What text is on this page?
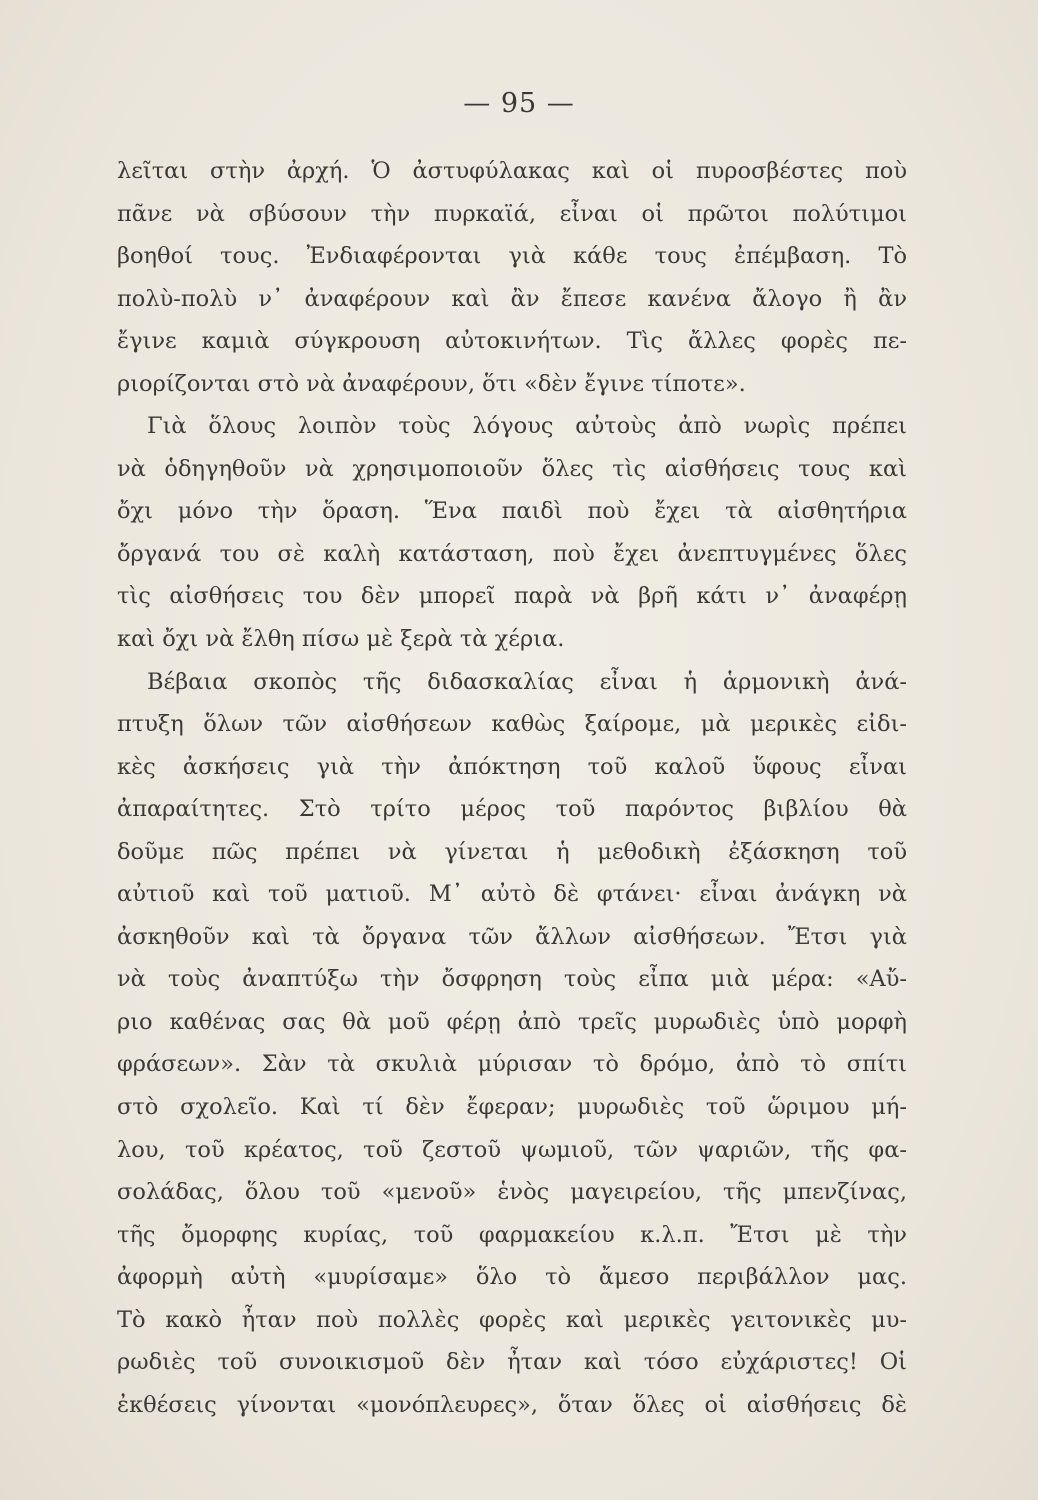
— 95 —
λεῖται στὴν ἀρχή. Ὁ ἀστυφύλακας καὶ οἱ πυροσβέστες ποὺ
πᾶνε νὰ σβύσουν τὴν πυρκαϊά, εἶναι οἱ πρῶτοι πολύτιμοι
βοηθοί τους. Ἐνδιαφέρονται γιὰ κάθε τους ἐπέμβαση. Τὸ
πολὺ-πολὺ ν᾿ ἀναφέρουν καὶ ἂν ἔπεσε κανένα ἄλογο ἢ ἂν
ἔγινε καμιὰ σύγκρουση αὐτοκινήτων. Τὶς ἄλλες φορὲς πε-
ριορίζονται στὸ νὰ ἀναφέρουν, ὅτι «δὲν ἔγινε τίποτε».
Γιὰ ὅλους λοιπὸν τοὺς λόγους αὐτοὺς ἀπὸ νωρὶς πρέπει
νὰ ὁδηγηθοῦν νὰ χρησιμοποιοῦν ὅλες τὶς αἰσθήσεις τους καὶ
ὄχι μόνο τὴν ὅραση. Ἕνα παιδὶ ποὺ ἔχει τὰ αἰσθητήρια
ὄργανά του σὲ καλὴ κατάσταση, ποὺ ἔχει ἀνεπτυγμένες ὅλες
τὶς αἰσθήσεις του δὲν μπορεῖ παρὰ νὰ βρῆ κάτι ν᾿ ἀναφέρῃ
καὶ ὄχι νὰ ἔλθη πίσω μὲ ξερὰ τὰ χέρια.
Βέβαια σκοπὸς τῆς διδασκαλίας εἶναι ἡ ἁρμονικὴ ἀνά-
πτυξη ὅλων τῶν αἰσθήσεων καθὼς ξαίρομε, μὰ μερικὲς εἰδι-
κὲς ἀσκήσεις γιὰ τὴν ἀπόκτηση τοῦ καλοῦ ὕφους εἶναι
ἀπαραίτητες. Στὸ τρίτο μέρος τοῦ παρόντος βιβλίου θὰ
δοῦμε πῶς πρέπει νὰ γίνεται ἡ μεθοδικὴ ἐξάσκηση τοῦ
αὐτιοῦ καὶ τοῦ ματιοῦ. Μ᾿ αὐτὸ δὲ φτάνει· εἶναι ἀνάγκη νὰ
ἀσκηθοῦν καὶ τὰ ὄργανα τῶν ἄλλων αἰσθήσεων. Ἔτσι γιὰ
νὰ τοὺς ἀναπτύξω τὴν ὄσφρηση τοὺς εἶπα μιὰ μέρα: «Αὔ-
ριο καθένας σας θὰ μοῦ φέρῃ ἀπὸ τρεῖς μυρωδιὲς ὑπὸ μορφὴ
φράσεων». Σὰν τὰ σκυλιὰ μύρισαν τὸ δρόμο, ἀπὸ τὸ σπίτι
στὸ σχολεῖο. Καὶ τί δὲν ἔφεραν; μυρωδιὲς τοῦ ὥριμου μή-
λου, τοῦ κρέατος, τοῦ ζεστοῦ ψωμιοῦ, τῶν ψαριῶν, τῆς φα-
σολάδας, ὅλου τοῦ «μενοῦ» ἑνὸς μαγειρείου, τῆς μπενζίνας,
τῆς ὄμορφης κυρίας, τοῦ φαρμακείου κ.λ.π. Ἔτσι μὲ τὴν
ἀφορμὴ αὐτὴ «μυρίσαμε» ὅλο τὸ ἄμεσο περιβάλλον μας.
Τὸ κακὸ ἦταν ποὺ πολλὲς φορὲς καὶ μερικὲς γειτονικὲς μυ-
ρωδιὲς τοῦ συνοικισμοῦ δὲν ἦταν καὶ τόσο εὐχάριστες! Οἱ
ἐκθέσεις γίνονται «μονόπλευρες», ὅταν ὅλες οἱ αἰσθήσεις δὲ
